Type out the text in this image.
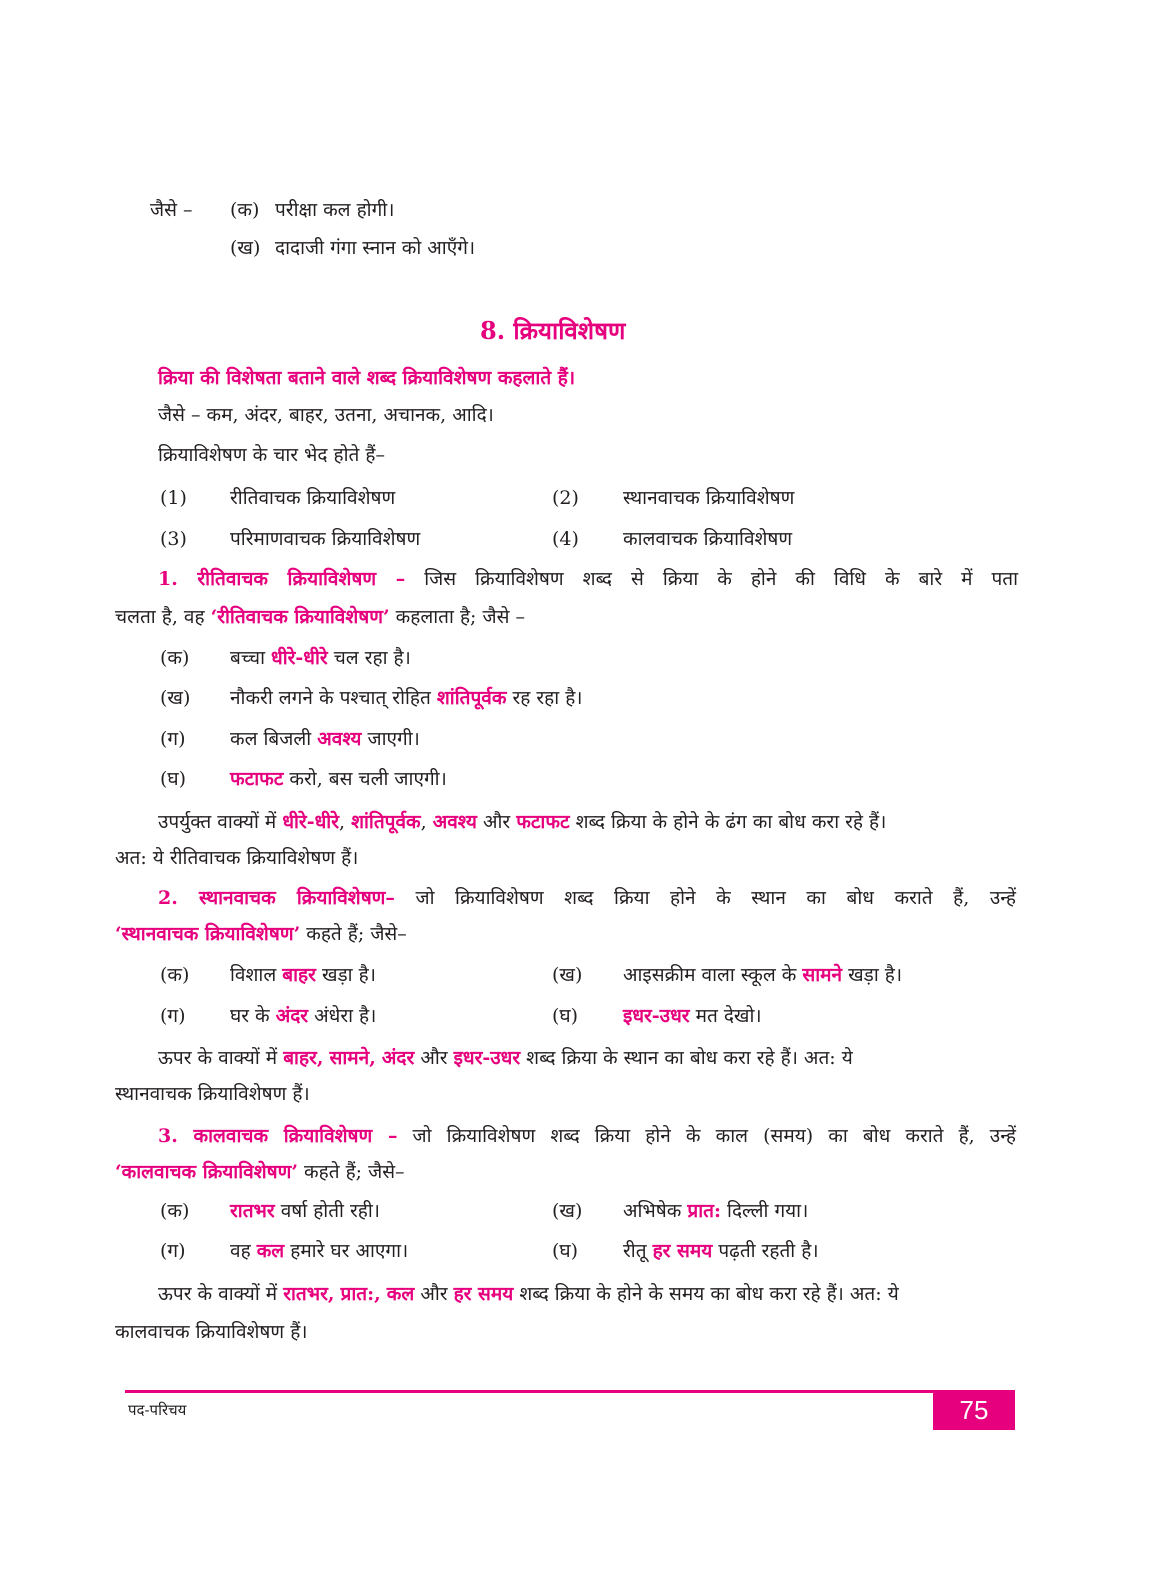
जैसे – (क) परीक्षा कल होगी।
(ख) दादाजी गंगा स्नान को आएँगे।
8. क्रियाविशेषण
क्रिया की विशेषता बताने वाले शब्द क्रियाविशेषण कहलाते हैं।
जैसे – कम, अंदर, बाहर, उतना, अचानक, आदि।
क्रियाविशेषण के चार भेद होते हैं–
(1) रीतिवाचक क्रियाविशेषण	(2) स्थानवाचक क्रियाविशेषण
(3) परिमाणवाचक क्रियाविशेषण	(4) कालवाचक क्रियाविशेषण
1. रीतिवाचक क्रियाविशेषण – जिस क्रियाविशेषण शब्द से क्रिया के होने की विधि के बारे में पता
चलता है, वह ‘रीतिवाचक क्रियाविशेषण’ कहलाता है; जैसे –
(क) बच्चा धीरे-धीरे चल रहा है।
(ख) नौकरी लगने के पश्चात् रोहित शांतिपूर्वक रह रहा है।
(ग) कल बिजली अवश्य जाएगी।
(घ) फटाफट करो, बस चली जाएगी।
उपर्युक्त वाक्यों में धीरे-धीरे, शांतिपूर्वक, अवश्य और फटाफट शब्द क्रिया के होने के ढंग का बोध करा रहे हैं।
अत: ये रीतिवाचक क्रियाविशेषण हैं।
2. स्थानवाचक क्रियाविशेषण– जो क्रियाविशेषण शब्द क्रिया होने के स्थान का बोध कराते हैं, उन्हें
‘स्थानवाचक क्रियाविशेषण’ कहते हैं; जैसे–
(क) विशाल बाहर खड़ा है।	(ख) आइसक्रीम वाला स्कूल के सामने खड़ा है।
(ग) घर के अंदर अंधेरा है।	(घ) इधर-उधर मत देखो।
ऊपर के वाक्यों में बाहर, सामने, अंदर और इधर-उधर शब्द क्रिया के स्थान का बोध करा रहे हैं। अत: ये
स्थानवाचक क्रियाविशेषण हैं।
3. कालवाचक क्रियाविशेषण – जो क्रियाविशेषण शब्द क्रिया होने के काल (समय) का बोध कराते हैं, उन्हें
‘कालवाचक क्रियाविशेषण’ कहते हैं; जैसे–
(क) रातभर वर्षा होती रही।	(ख) अभिषेक प्रात: दिल्ली गया।
(ग) वह कल हमारे घर आएगा।	(घ) रीतू हर समय पढ़ती रहती है।
ऊपर के वाक्यों में रातभर, प्रात:, कल और हर समय शब्द क्रिया के होने के समय का बोध करा रहे हैं। अत: ये
कालवाचक क्रियाविशेषण हैं।
पद-परिचय	75
